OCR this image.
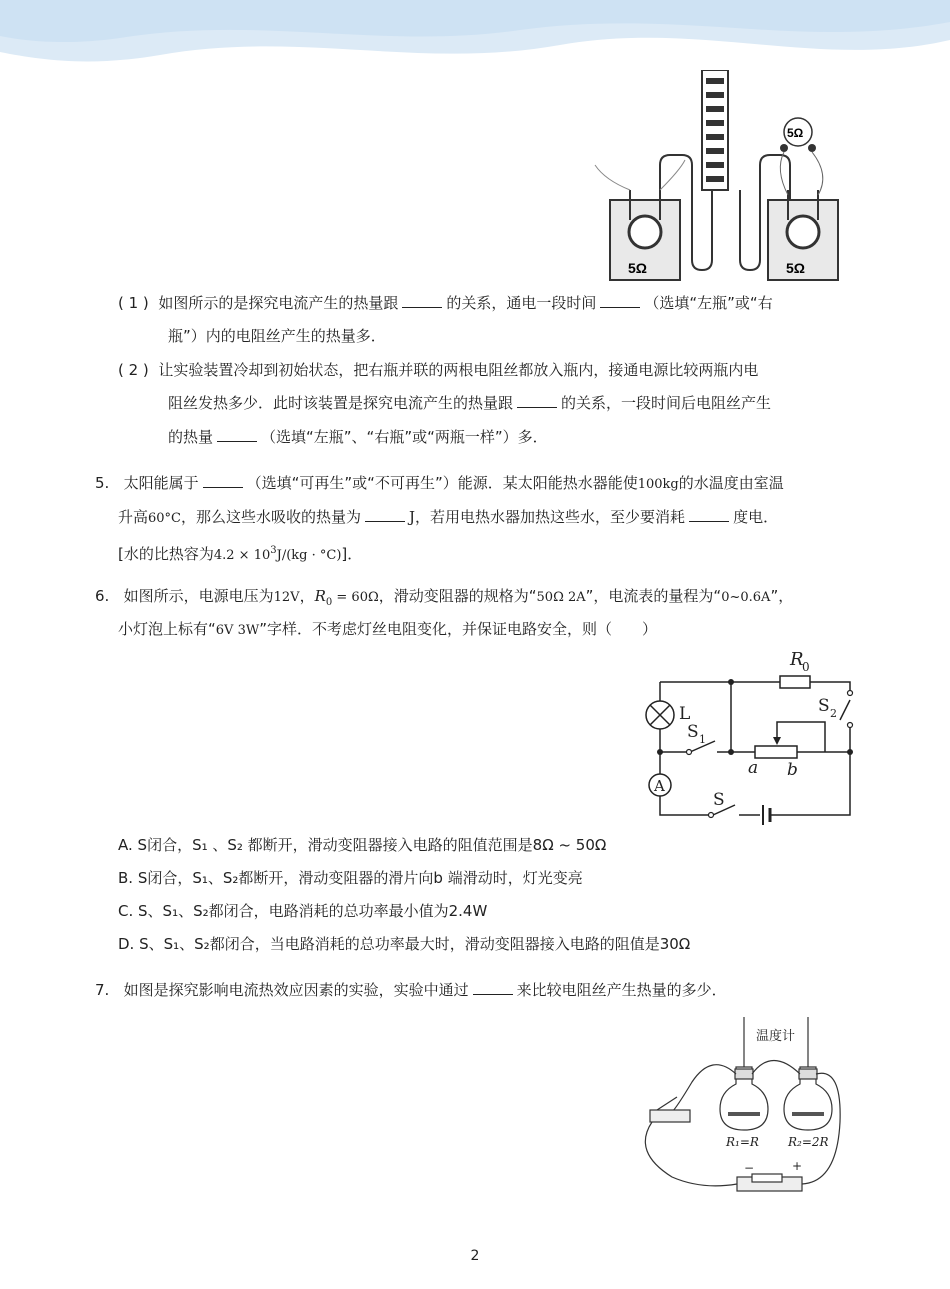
5Ω	5Ω
5Ω
( 1 ) 如图所示的是探究电流产生的热量跟	的关系，通电一段时间	（选填“左瓶”或“右
瓶”）内的电阻丝产生的热量多．
( 2 ) 让实验装置冷却到初始状态，把右瓶并联的两根电阻丝都放入瓶内，接通电源比较两瓶内电
阻丝发热多少．此时该装置是探究电流产生的热量跟	的关系，一段时间后电阻丝产生
的热量	（选填“左瓶”、“右瓶”或“两瓶一样”）多．
5. 太阳能属于	（选填“可再生”或“不可再生”）能源．某太阳能热水器能使100kg的水温度由室温
升高60°C，那么这些水吸收的热量为	J，若用电热水器加热这些水，至少要消耗	度电．
[水的比热容为$4.2 \times 10^3J/(kg \cdot ^\circ C)$]．
6. 如图所示，电源电压为12V，$R_0 = 60\Omega$，滑动变阻器的规格为“50Ω 2A”，电流表的量程为“0~0.6A”，
小灯泡上标有“6V 3W”字样．不考虑灯丝电阻变化，并保证电路安全，则（　　）
R
0
L
S 1
S 2
S
A
a b
A. S闭合，S₁ 、S₂ 都断开，滑动变阻器接入电路的阻值范围是8Ω ~ 50Ω
B. S闭合，S₁、S₂都断开，滑动变阻器的滑片向b 端滑动时，灯光变亮
C. S、S₁、S₂都闭合，电路消耗的总功率最小值为2.4W
D. S、S₁、S₂都闭合，当电路消耗的总功率最大时，滑动变阻器接入电路的阻值是30Ω
7. 如图是探究影响电流热效应因素的实验，实验中通过	来比较电阻丝产生热量的多少．
温度计
R₁=R R₂=2R
−	+
2
